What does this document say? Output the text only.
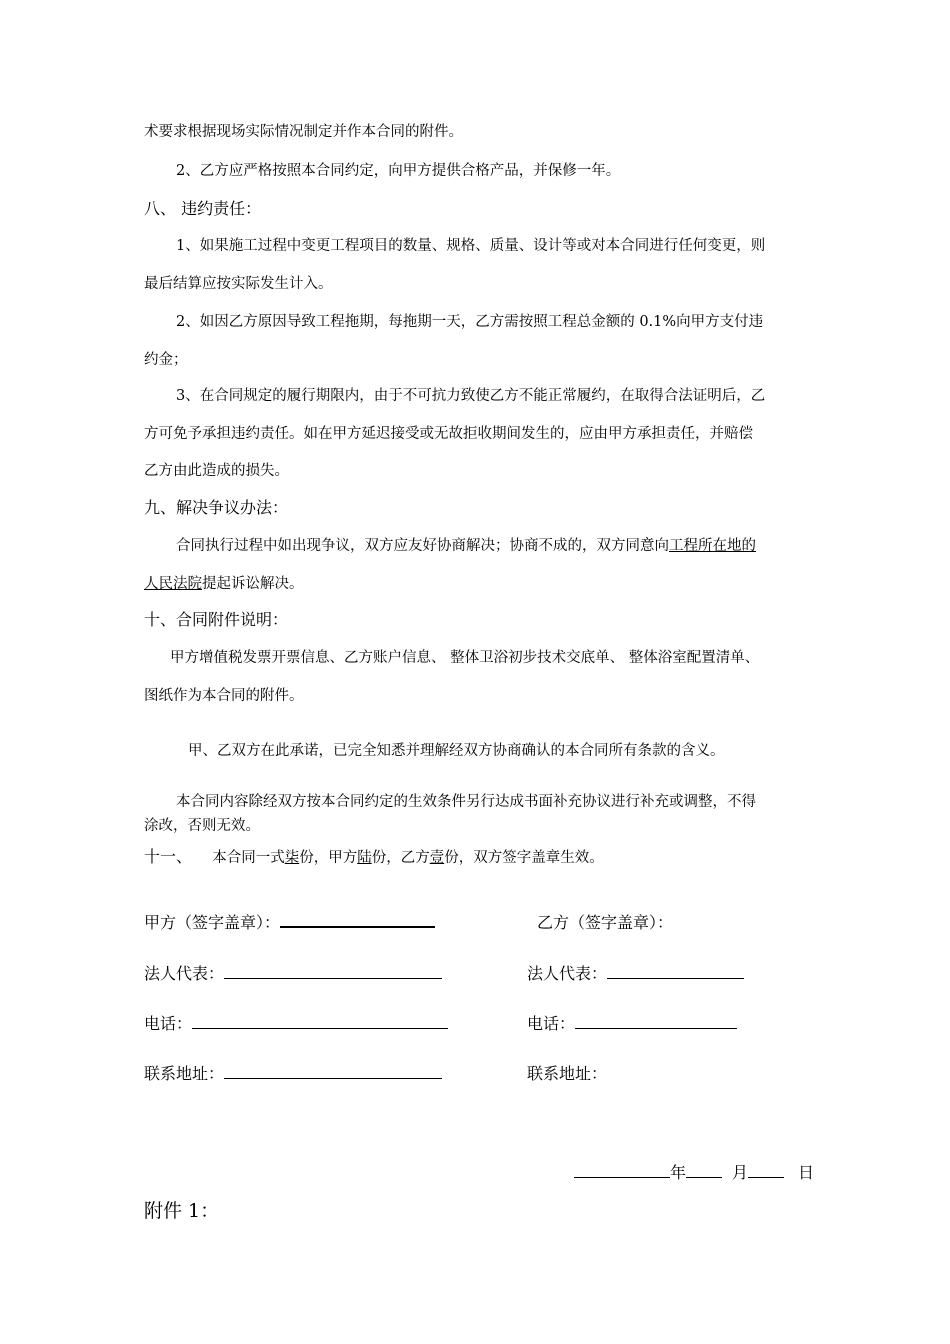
术要求根据现场实际情况制定并作本合同的附件。
2、乙方应严格按照本合同约定，向甲方提供合格产品，并保修一年。
八、 违约责任：
1、如果施工过程中变更工程项目的数量、规格、质量、设计等或对本合同进行任何变更，则
最后结算应按实际发生计入。
2、如因乙方原因导致工程拖期，每拖期一天，乙方需按照工程总金额的 0.1%向甲方支付违
约金；
3、在合同规定的履行期限内，由于不可抗力致使乙方不能正常履约，在取得合法证明后，乙
方可免予承担违约责任。如在甲方延迟接受或无故拒收期间发生的，应由甲方承担责任，并赔偿
乙方由此造成的损失。
九、解决争议办法：
合同执行过程中如出现争议，双方应友好协商解决；协商不成的，双方同意向工程所在地的
人民法院提起诉讼解决。
十、合同附件说明：
甲方增值税发票开票信息、乙方账户信息、 整体卫浴初步技术交底单、 整体浴室配置清单、
图纸作为本合同的附件。
甲、乙双方在此承诺，已完全知悉并理解经双方协商确认的本合同所有条款的含义。
本合同内容除经双方按本合同约定的生效条件另行达成书面补充协议进行补充或调整，不得
涂改，否则无效。
十一、 本合同一式柒份，甲方陆份，乙方壹份，双方签字盖章生效。
甲方（签字盖章）：	乙方（签字盖章）：
法人代表：	法人代表：
电话：	电话：
联系地址：	联系地址：
年	月	日
附件 1：
